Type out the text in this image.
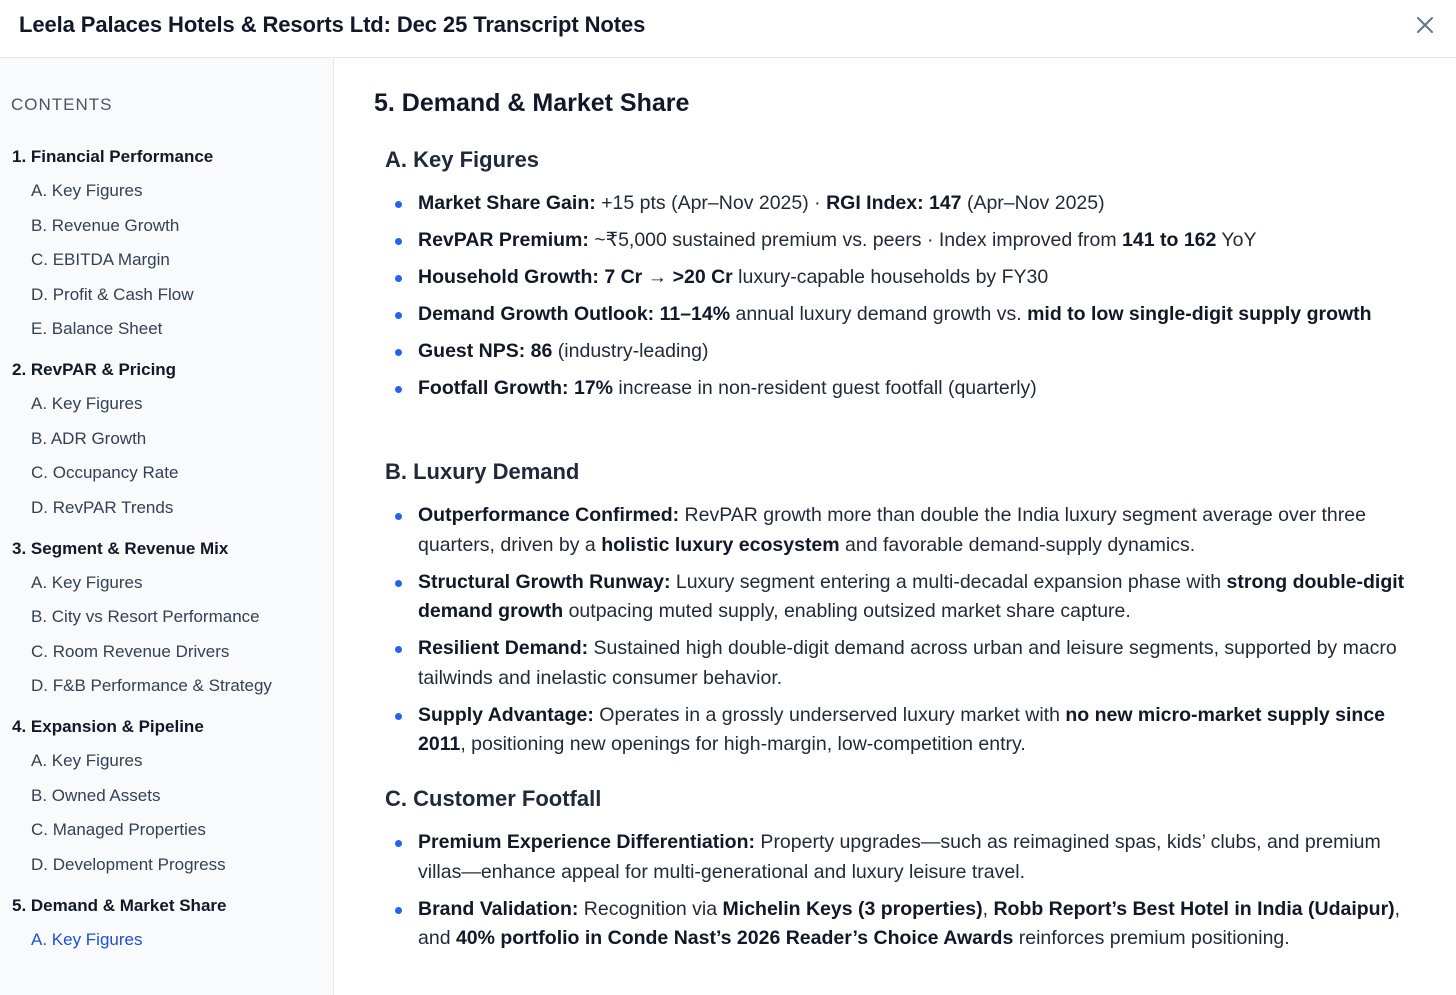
Leela Palaces Hotels & Resorts Ltd: Dec 25 Transcript Notes
CONTENTS
1. Financial Performance
A. Key Figures
B. Revenue Growth
C. EBITDA Margin
D. Profit & Cash Flow
E. Balance Sheet
2. RevPAR & Pricing
A. Key Figures
B. ADR Growth
C. Occupancy Rate
D. RevPAR Trends
3. Segment & Revenue Mix
A. Key Figures
B. City vs Resort Performance
C. Room Revenue Drivers
D. F&B Performance & Strategy
4. Expansion & Pipeline
A. Key Figures
B. Owned Assets
C. Managed Properties
D. Development Progress
5. Demand & Market Share
A. Key Figures
5. Demand & Market Share
A. Key Figures
Market Share Gain: +15 pts (Apr–Nov 2025) · RGI Index: 147 (Apr–Nov 2025)
RevPAR Premium: ~₹5,000 sustained premium vs. peers · Index improved from 141 to 162 YoY
Household Growth: 7 Cr → >20 Cr luxury-capable households by FY30
Demand Growth Outlook: 11–14% annual luxury demand growth vs. mid to low single-digit supply growth
Guest NPS: 86 (industry-leading)
Footfall Growth: 17% increase in non-resident guest footfall (quarterly)
B. Luxury Demand
Outperformance Confirmed: RevPAR growth more than double the India luxury segment average over three quarters, driven by a holistic luxury ecosystem and favorable demand-supply dynamics.
Structural Growth Runway: Luxury segment entering a multi-decadal expansion phase with strong double-digit demand growth outpacing muted supply, enabling outsized market share capture.
Resilient Demand: Sustained high double-digit demand across urban and leisure segments, supported by macro tailwinds and inelastic consumer behavior.
Supply Advantage: Operates in a grossly underserved luxury market with no new micro-market supply since 2011, positioning new openings for high-margin, low-competition entry.
C. Customer Footfall
Premium Experience Differentiation: Property upgrades—such as reimagined spas, kids’ clubs, and premium villas—enhance appeal for multi-generational and luxury leisure travel.
Brand Validation: Recognition via Michelin Keys (3 properties), Robb Report’s Best Hotel in India (Udaipur), and 40% portfolio in Conde Nast’s 2026 Reader’s Choice Awards reinforces premium positioning.
